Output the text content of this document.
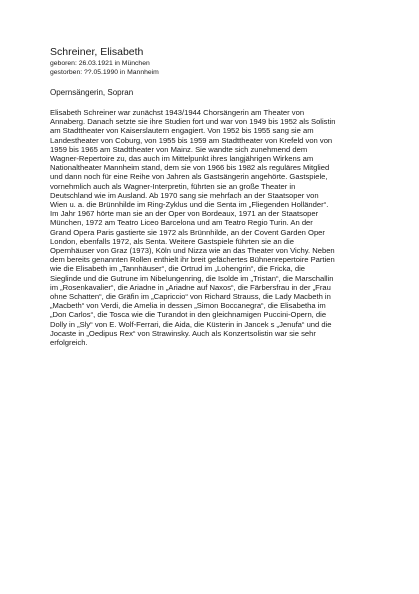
Schreiner, Elisabeth
geboren: 26.03.1921 in München
gestorben: ??.05.1990 in Mannheim
Opernsängerin, Sopran
Elisabeth Schreiner war zunächst 1943/1944 Chorsängerin am Theater von
Annaberg. Danach setzte sie ihre Studien fort und war von 1949 bis 1952 als Solistin
am Stadttheater von Kaiserslautern engagiert. Von 1952 bis 1955 sang sie am
Landestheater von Coburg, von 1955 bis 1959 am Stadttheater von Krefeld von von
1959 bis 1965 am Stadttheater von Mainz. Sie wandte sich zunehmend dem
Wagner-Repertoire zu, das auch im Mittelpunkt ihres langjährigen Wirkens am
Nationaltheater Mannheim stand, dem sie von 1966 bis 1982 als reguläres Mitglied
und dann noch für eine Reihe von Jahren als Gastsängerin angehörte. Gastspiele,
vornehmlich auch als Wagner-Interpretin, führten sie an große Theater in
Deutschland wie im Ausland. Ab 1970 sang sie mehrfach an der Staatsoper von
Wien u. a. die Brünnhilde im Ring-Zyklus und die Senta im „Fliegenden Holländer“.
Im Jahr 1967 hörte man sie an der Oper von Bordeaux, 1971 an der Staatsoper
München, 1972 am Teatro Liceo Barcelona und am Teatro Regio Turin. An der
Grand Opera Paris gastierte sie 1972 als Brünnhilde, an der Covent Garden Oper
London, ebenfalls 1972, als Senta. Weitere Gastspiele führten sie an die
Opernhäuser von Graz (1973), Köln und Nizza wie an das Theater von Vichy. Neben
dem bereits genannten Rollen enthielt ihr breit gefächertes Bühnenrepertoire Partien
wie die Elisabeth im „Tannhäuser“, die Ortrud im „Lohengrin“, die Fricka, die
Sieglinde und die Gutrune im Nibelungenring, die Isolde im „Tristan“, die Marschallin
im „Rosenkavalier“, die Ariadne in „Ariadne auf Naxos“, die Färbersfrau in der „Frau
ohne Schatten“, die Gräfin im „Capriccio“ von Richard Strauss, die Lady Macbeth in
„Macbeth“ von Verdi, die Amelia in dessen „Simon Boccanegra“, die Elisabetha im
„Don Carlos“, die Tosca wie die Turandot in den gleichnamigen Puccini-Opern, die
Dolly in „Sly“ von E. Wolf-Ferrari, die Aida, die Küsterin in Jancek s „Jenufa“ und die
Jocaste in „Oedipus Rex“ von Strawinsky. Auch als Konzertsolistin war sie sehr
erfolgreich.
